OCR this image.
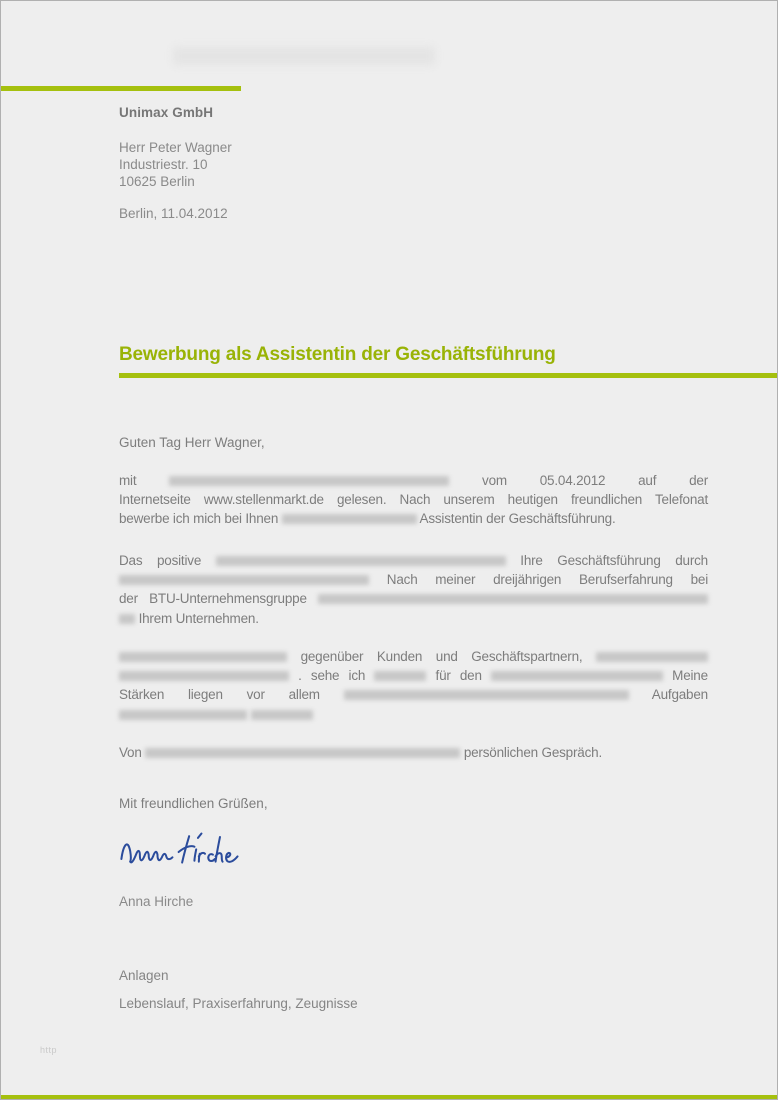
Unimax GmbH
Herr Peter Wagner
Industriestr. 10
10625 Berlin
Berlin, 11.04.2012
Bewerbung als Assistentin der Geschäftsführung
Guten Tag Herr Wagner,
mit	vom 05.04.2012 auf der
Internetseite www.stellenmarkt.de gelesen. Nach unserem heutigen freundlichen Telefonat
bewerbe ich mich bei Ihnen	Assistentin der Geschäftsführung.
Das positive	Ihre Geschäftsführung durch
Nach meiner dreijährigen Berufserfahrung bei
der BTU-Unternehmensgruppe
Ihrem Unternehmen.
gegenüber Kunden und Geschäftspartnern,
. sehe ich	für den	Meine
Stärken liegen vor allem	Aufgaben

Von	persönlichen Gespräch.
Mit freundlichen Grüßen,
Anna Hirche
Anlagen
Lebenslauf, Praxiserfahrung, Zeugnisse
http
